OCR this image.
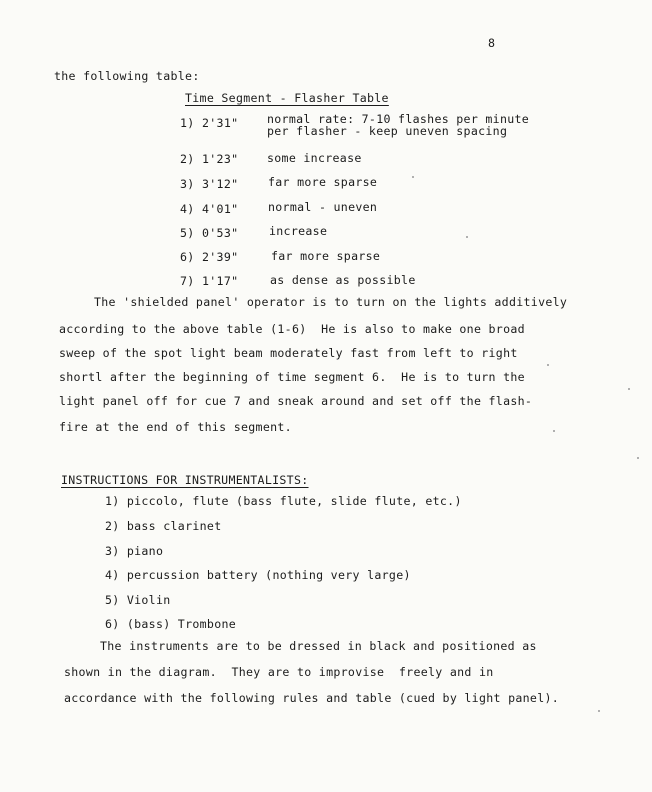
8
the following table:
Time Segment - Flasher Table
1) 2'31" normal rate: 7-10 flashes per minute
per flasher - keep uneven spacing
2) 1'23" some increase
3) 3'12"	far more sparse
4) 4'01"	normal - uneven
5) 0'53"	increase
6) 2'39"	far more sparse
7) 1'17"	as dense as possible
The 'shielded panel' operator is to turn on the lights additively
according to the above table (1-6)  He is also to make one broad
sweep of the spot light beam moderately fast from left to right
shortl after the beginning of time segment 6.  He is to turn the
light panel off for cue 7 and sneak around and set off the flash-
fire at the end of this segment.
INSTRUCTIONS FOR INSTRUMENTALISTS:
1) piccolo, flute (bass flute, slide flute, etc.)
2) bass clarinet
3) piano
4) percussion battery (nothing very large)
5) Violin
6) (bass) Trombone
The instruments are to be dressed in black and positioned as
shown in the diagram.  They are to improvise  freely and in
accordance with the following rules and table (cued by light panel).
